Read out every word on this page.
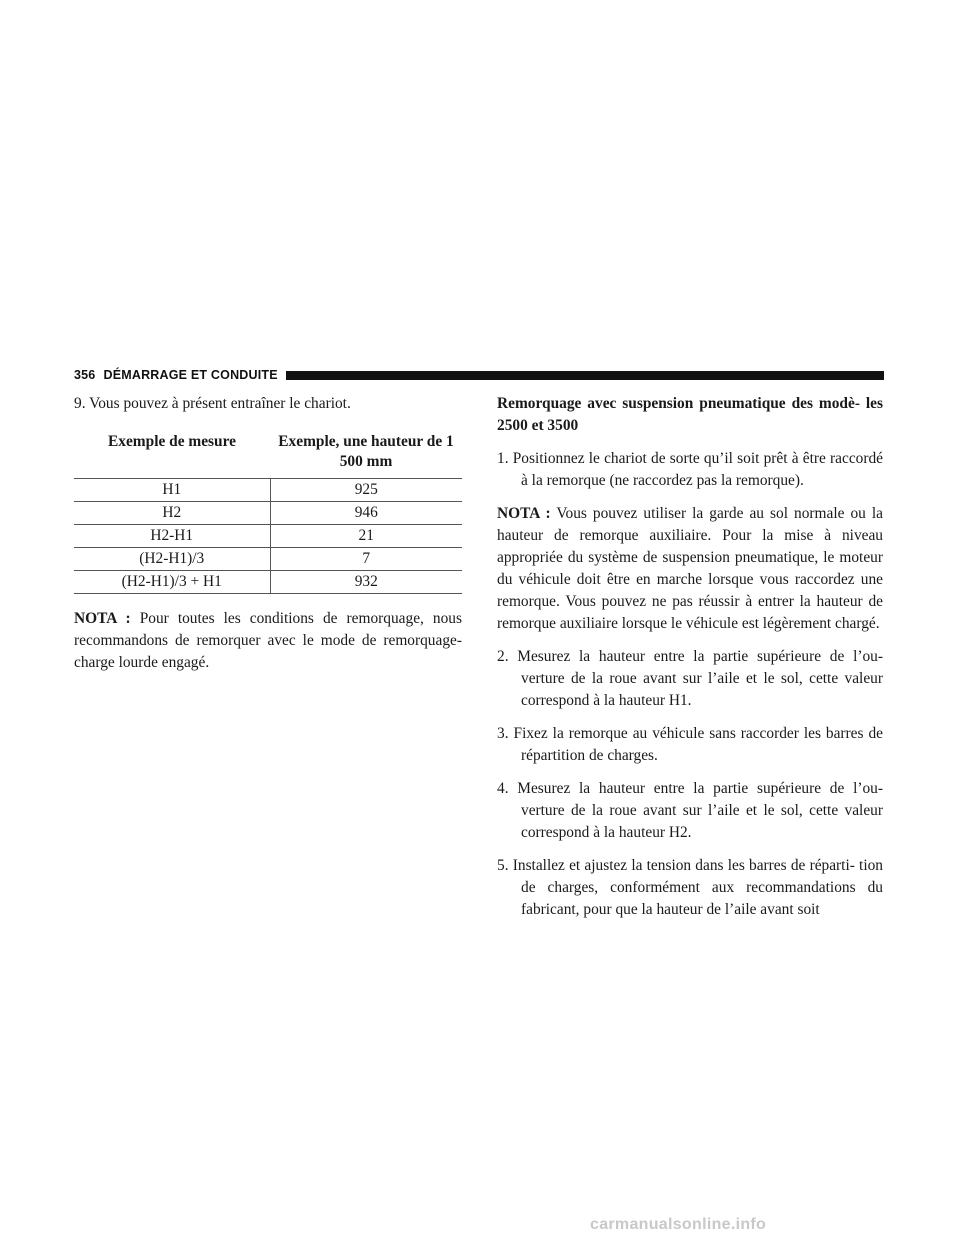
356 DÉMARRAGE ET CONDUITE

9. Vous pouvez à présent entraîner le chariot.

Exemple de mesure	Exemple, une hauteur de 1 500 mm
H1	925
H2	946
H2-H1	21
(H2-H1)/3	7
(H2-H1)/3 + H1	932

NOTA : Pour toutes les conditions de remorquage, nous recommandons de remorquer avec le mode de remorquage-charge lourde engagé.

Remorquage avec suspension pneumatique des modè- les 2500 et 3500

1. Positionnez le chariot de sorte qu’il soit prêt à être raccordé à la remorque (ne raccordez pas la remorque).

NOTA : Vous pouvez utiliser la garde au sol normale ou la hauteur de remorque auxiliaire. Pour la mise à niveau appropriée du système de suspension pneumatique, le moteur du véhicule doit être en marche lorsque vous raccordez une remorque. Vous pouvez ne pas réussir à entrer la hauteur de remorque auxiliaire lorsque le véhicule est légèrement chargé.

2. Mesurez la hauteur entre la partie supérieure de l’ou- verture de la roue avant sur l’aile et le sol, cette valeur correspond à la hauteur H1.

3. Fixez la remorque au véhicule sans raccorder les barres de répartition de charges.

4. Mesurez la hauteur entre la partie supérieure de l’ou- verture de la roue avant sur l’aile et le sol, cette valeur correspond à la hauteur H2.

5. Installez et ajustez la tension dans les barres de réparti- tion de charges, conformément aux recommandations du fabricant, pour que la hauteur de l’aile avant soit

carmanualsonline.info
